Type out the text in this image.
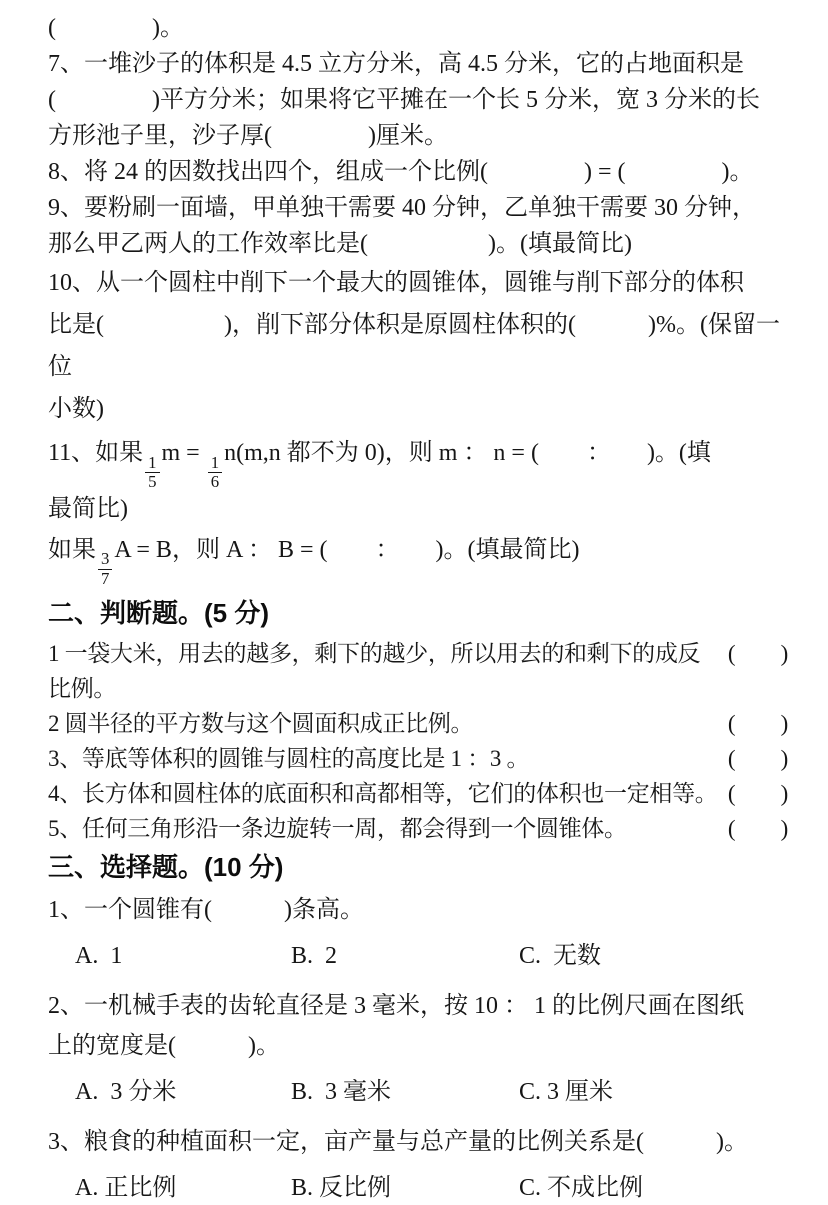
(　　　　)。

7、一堆沙子的体积是 4.5 立方分米，高 4.5 分米，它的占地面积是

(　　　　)平方分米；如果将它平摊在一个长 5 分米，宽 3 分米的长

方形池子里，沙子厚(　　　　)厘米。

8、将 24 的因数找出四个，组成一个比例(　　　　) = (　　　　)。

9、要粉刷一面墙，甲单独干需要 40 分钟，乙单独干需要 30 分钟，

那么甲乙两人的工作效率比是(　　　　　)。(填最简比)

10、从一个圆柱中削下一个最大的圆锥体，圆锥与削下部分的体积

比是(　　　　　)，削下部分体积是原圆柱体积的(　　　)%。(保留一位

小数)

11、如果
$\frac{1}{5}$
m =
$\frac{1}{6}$
n(m,n 都不为 0)，则 m ： n = (　　：　　)。(填

最简比)

如果
$\frac{3}{7}$
A = B，则 A ： B = (　　：　　)。(填最简比)

二、判断题。(5 分)
1 一袋大米，用去的越多，剩下的越少，所以用去的和剩下的成反比例。
(　　)
2 圆半径的平方数与这个圆面积成正比例。	(　　)
3、等底等体积的圆锥与圆柱的高度比是 1 ：3 。	(　　)
4、长方体和圆柱体的底面积和高都相等，它们的体积也一定相等。 (　　)
5、任何三角形沿一条边旋转一周，都会得到一个圆锥体。	(　　)
三、选择题。(10 分)

1、一个圆锥有(　　　)条高。

A.  1	B.  2	C.  无数

2、一机械手表的齿轮直径是 3 毫米，按 10 ： 1 的比例尺画在图纸

上的宽度是(　　　)。

A.  3 分米	B.  3 毫米	C. 3 厘米

3、粮食的种植面积一定，亩产量与总产量的比例关系是(　　　)。

A. 正比例	B. 反比例	C. 不成比例
